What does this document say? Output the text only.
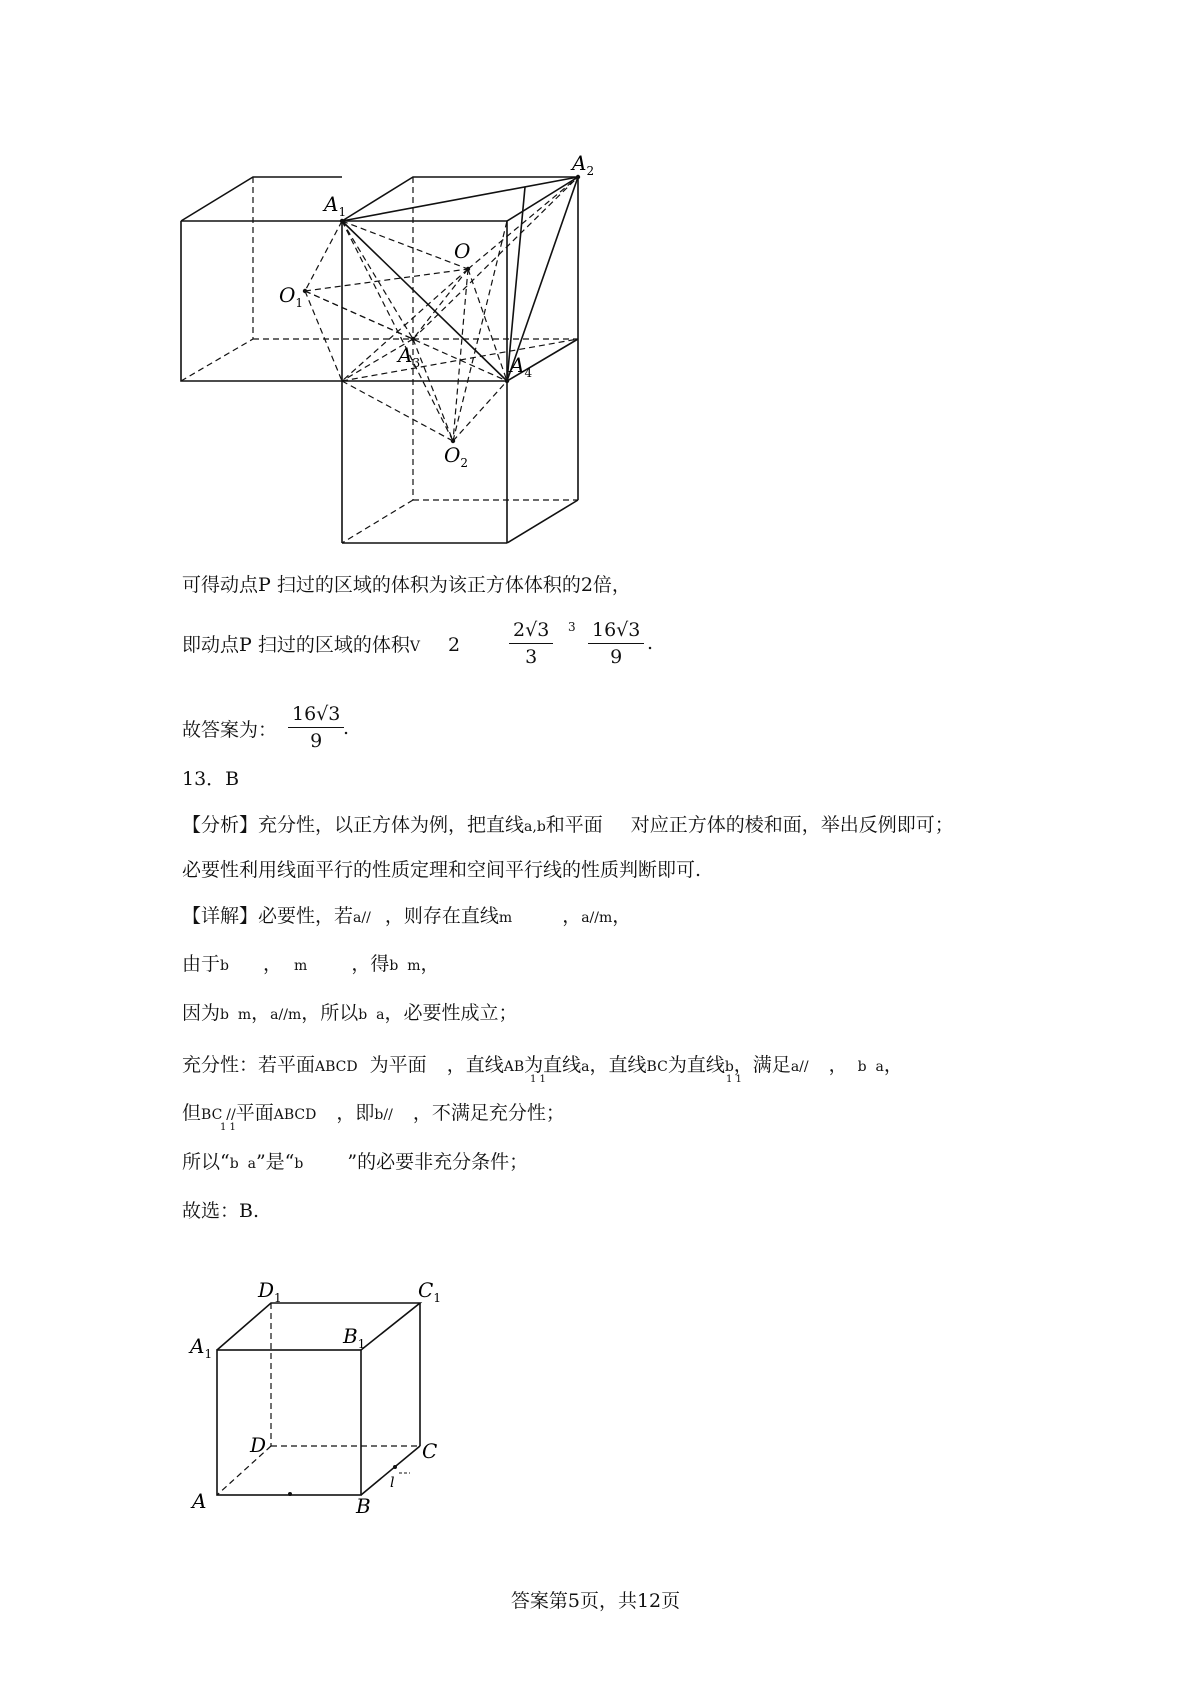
$A_2$
$A_1$
O
$O_1$
$A_3$	$A_4$
$O_2$
可得动点P 扫过的区域的体积为该正方体体积的2倍，
即动点P 扫过的区域的体积V 2	$\frac{2√3}{3} 3 \frac{16√3}{9}$ .
故答案为： $\frac{16√3}{9}$
.
13．B
【分析】充分性，以正方体为例，把直线a,b和平面 对应正方体的棱和面，举出反例即可；
必要性利用线面平行的性质定理和空间平行线的性质判断即可.
【详解】必要性，若a// ，则存在直线m	，a//m，
由于b ， m ，得b  m，
因为b  m，a//m，所以b  a，必要性成立；
充分性：若平面ABCD 为平面 ，直线AB为直线a，直线BC为直线b，满足a// ， b  a，
1 1	1 1
但BC //平面ABCD ，即b// ，不满足充分性；
1 1
所以“b  a”是“b ”的必要非充分条件；
故选：B.
$D_1$	$C_1$
$A_1$
$B_1$
D	C
A	B
l
答案第5页，共12页
